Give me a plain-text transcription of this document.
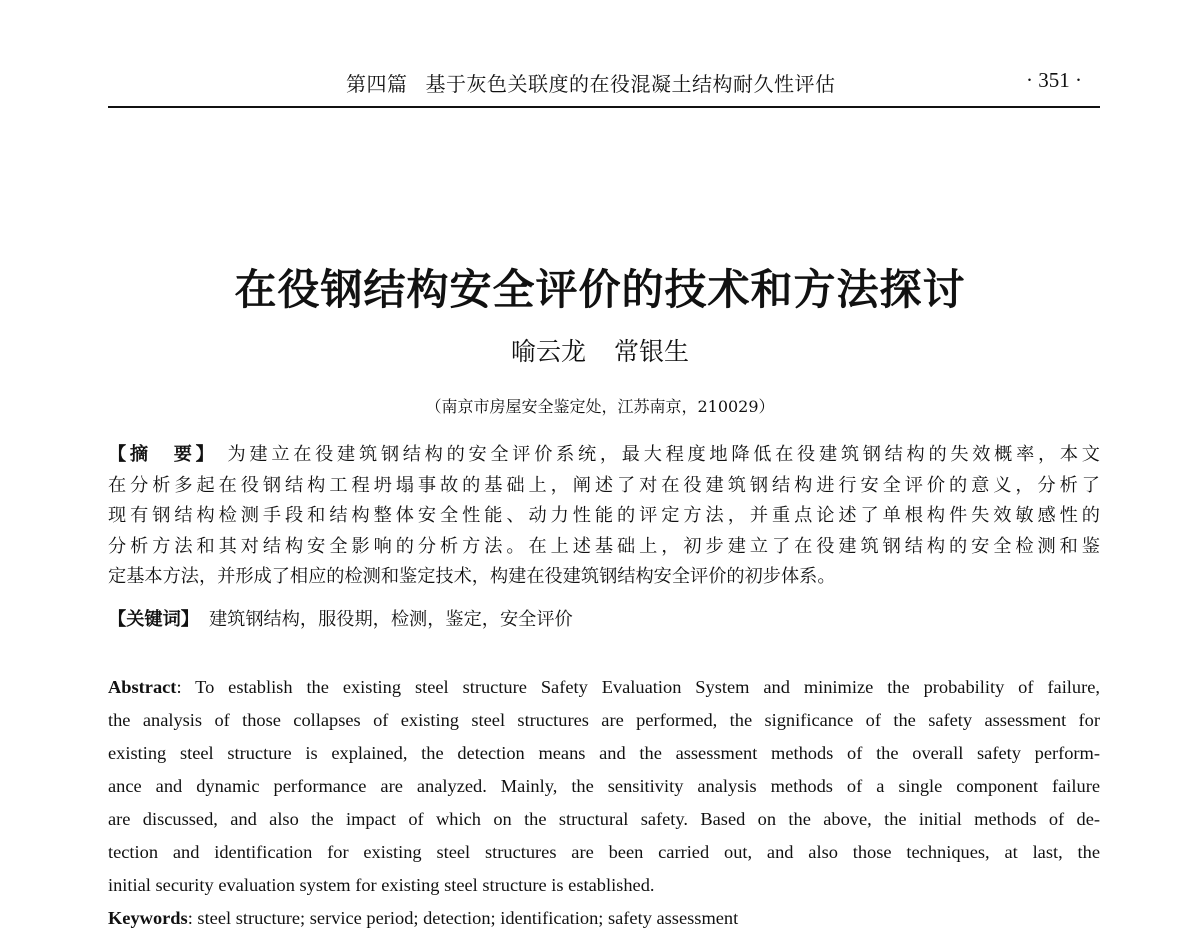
第四篇 基于灰色关联度的在役混凝土结构耐久性评估	· 351 ·
在役钢结构安全评价的技术和方法探讨
喻云龙 常银生
（南京市房屋安全鉴定处，江苏南京，210029）
【摘　要】 为建立在役建筑钢结构的安全评价系统，最大程度地降低在役建筑钢结构的失效概率，本文
在分析多起在役钢结构工程坍塌事故的基础上，阐述了对在役建筑钢结构进行安全评价的意义，分析了
现有钢结构检测手段和结构整体安全性能、动力性能的评定方法，并重点论述了单根构件失效敏感性的
分析方法和其对结构安全影响的分析方法。在上述基础上，初步建立了在役建筑钢结构的安全检测和鉴
定基本方法，并形成了相应的检测和鉴定技术，构建在役建筑钢结构安全评价的初步体系。
【关键词】 建筑钢结构，服役期，检测，鉴定，安全评价
Abstract: To establish the existing steel structure Safety Evaluation System and minimize the probability of failure,
the analysis of those collapses of existing steel structures are performed, the significance of the safety assessment for
existing steel structure is explained, the detection means and the assessment methods of the overall safety perform-
ance and dynamic performance are analyzed. Mainly, the sensitivity analysis methods of a single component failure
are discussed, and also the impact of which on the structural safety. Based on the above, the initial methods of de-
tection and identification for existing steel structures are been carried out, and also those techniques, at last, the
initial security evaluation system for existing steel structure is established.
Keywords: steel structure; service period; detection; identification; safety assessment
